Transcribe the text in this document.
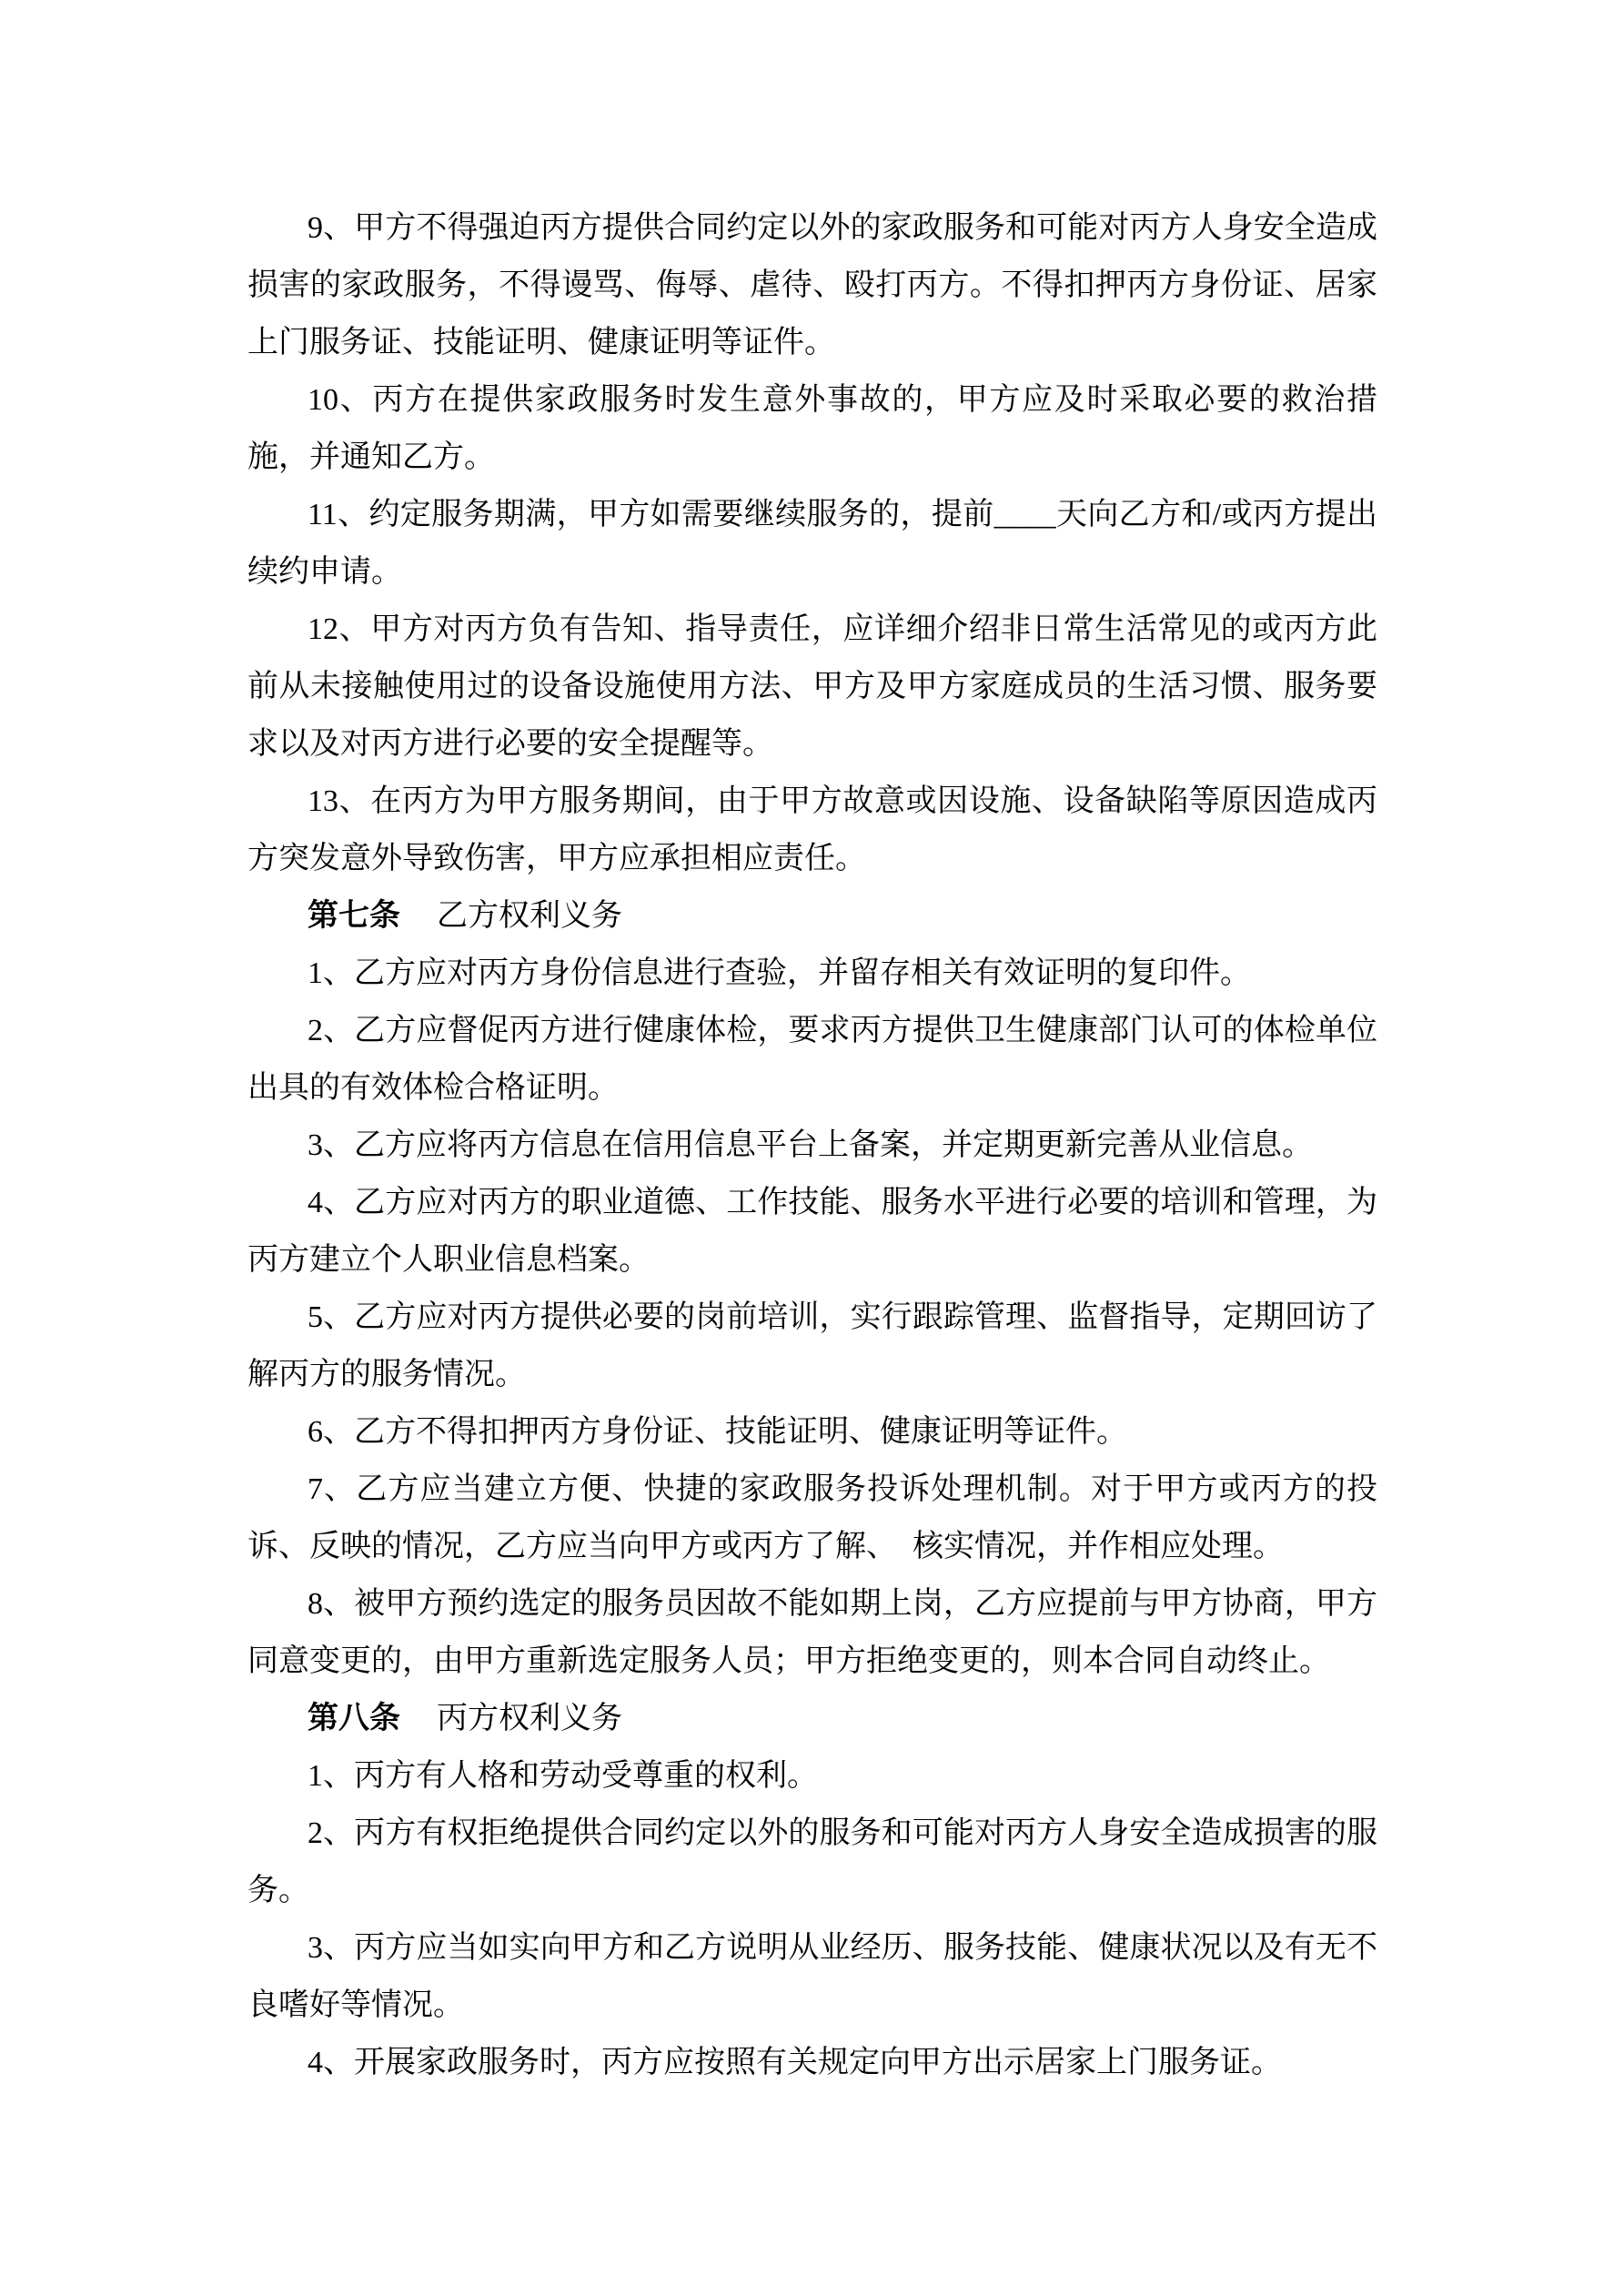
9、甲方不得强迫丙方提供合同约定以外的家政服务和可能对丙方人身安全造成损害的家政服务，不得谩骂、侮辱、虐待、殴打丙方。不得扣押丙方身份证、居家上门服务证、技能证明、健康证明等证件。

10、丙方在提供家政服务时发生意外事故的，甲方应及时采取必要的救治措施，并通知乙方。

11、约定服务期满，甲方如需要继续服务的，提前____天向乙方和/或丙方提出续约申请。

12、甲方对丙方负有告知、指导责任，应详细介绍非日常生活常见的或丙方此前从未接触使用过的设备设施使用方法、甲方及甲方家庭成员的生活习惯、服务要求以及对丙方进行必要的安全提醒等。

13、在丙方为甲方服务期间，由于甲方故意或因设施、设备缺陷等原因造成丙方突发意外导致伤害，甲方应承担相应责任。

第七条 乙方权利义务

1、乙方应对丙方身份信息进行查验，并留存相关有效证明的复印件。

2、乙方应督促丙方进行健康体检，要求丙方提供卫生健康部门认可的体检单位出具的有效体检合格证明。

3、乙方应将丙方信息在信用信息平台上备案，并定期更新完善从业信息。

4、乙方应对丙方的职业道德、工作技能、服务水平进行必要的培训和管理，为丙方建立个人职业信息档案。

5、乙方应对丙方提供必要的岗前培训，实行跟踪管理、监督指导，定期回访了解丙方的服务情况。

6、乙方不得扣押丙方身份证、技能证明、健康证明等证件。

7、乙方应当建立方便、快捷的家政服务投诉处理机制。对于甲方或丙方的投诉、反映的情况，乙方应当向甲方或丙方了解、　核实情况，并作相应处理。

8、被甲方预约选定的服务员因故不能如期上岗，乙方应提前与甲方协商，甲方同意变更的，由甲方重新选定服务人员；甲方拒绝变更的，则本合同自动终止。

第八条 丙方权利义务

1、丙方有人格和劳动受尊重的权利。

2、丙方有权拒绝提供合同约定以外的服务和可能对丙方人身安全造成损害的服务。

3、丙方应当如实向甲方和乙方说明从业经历、服务技能、健康状况以及有无不良嗜好等情况。

4、开展家政服务时，丙方应按照有关规定向甲方出示居家上门服务证。
